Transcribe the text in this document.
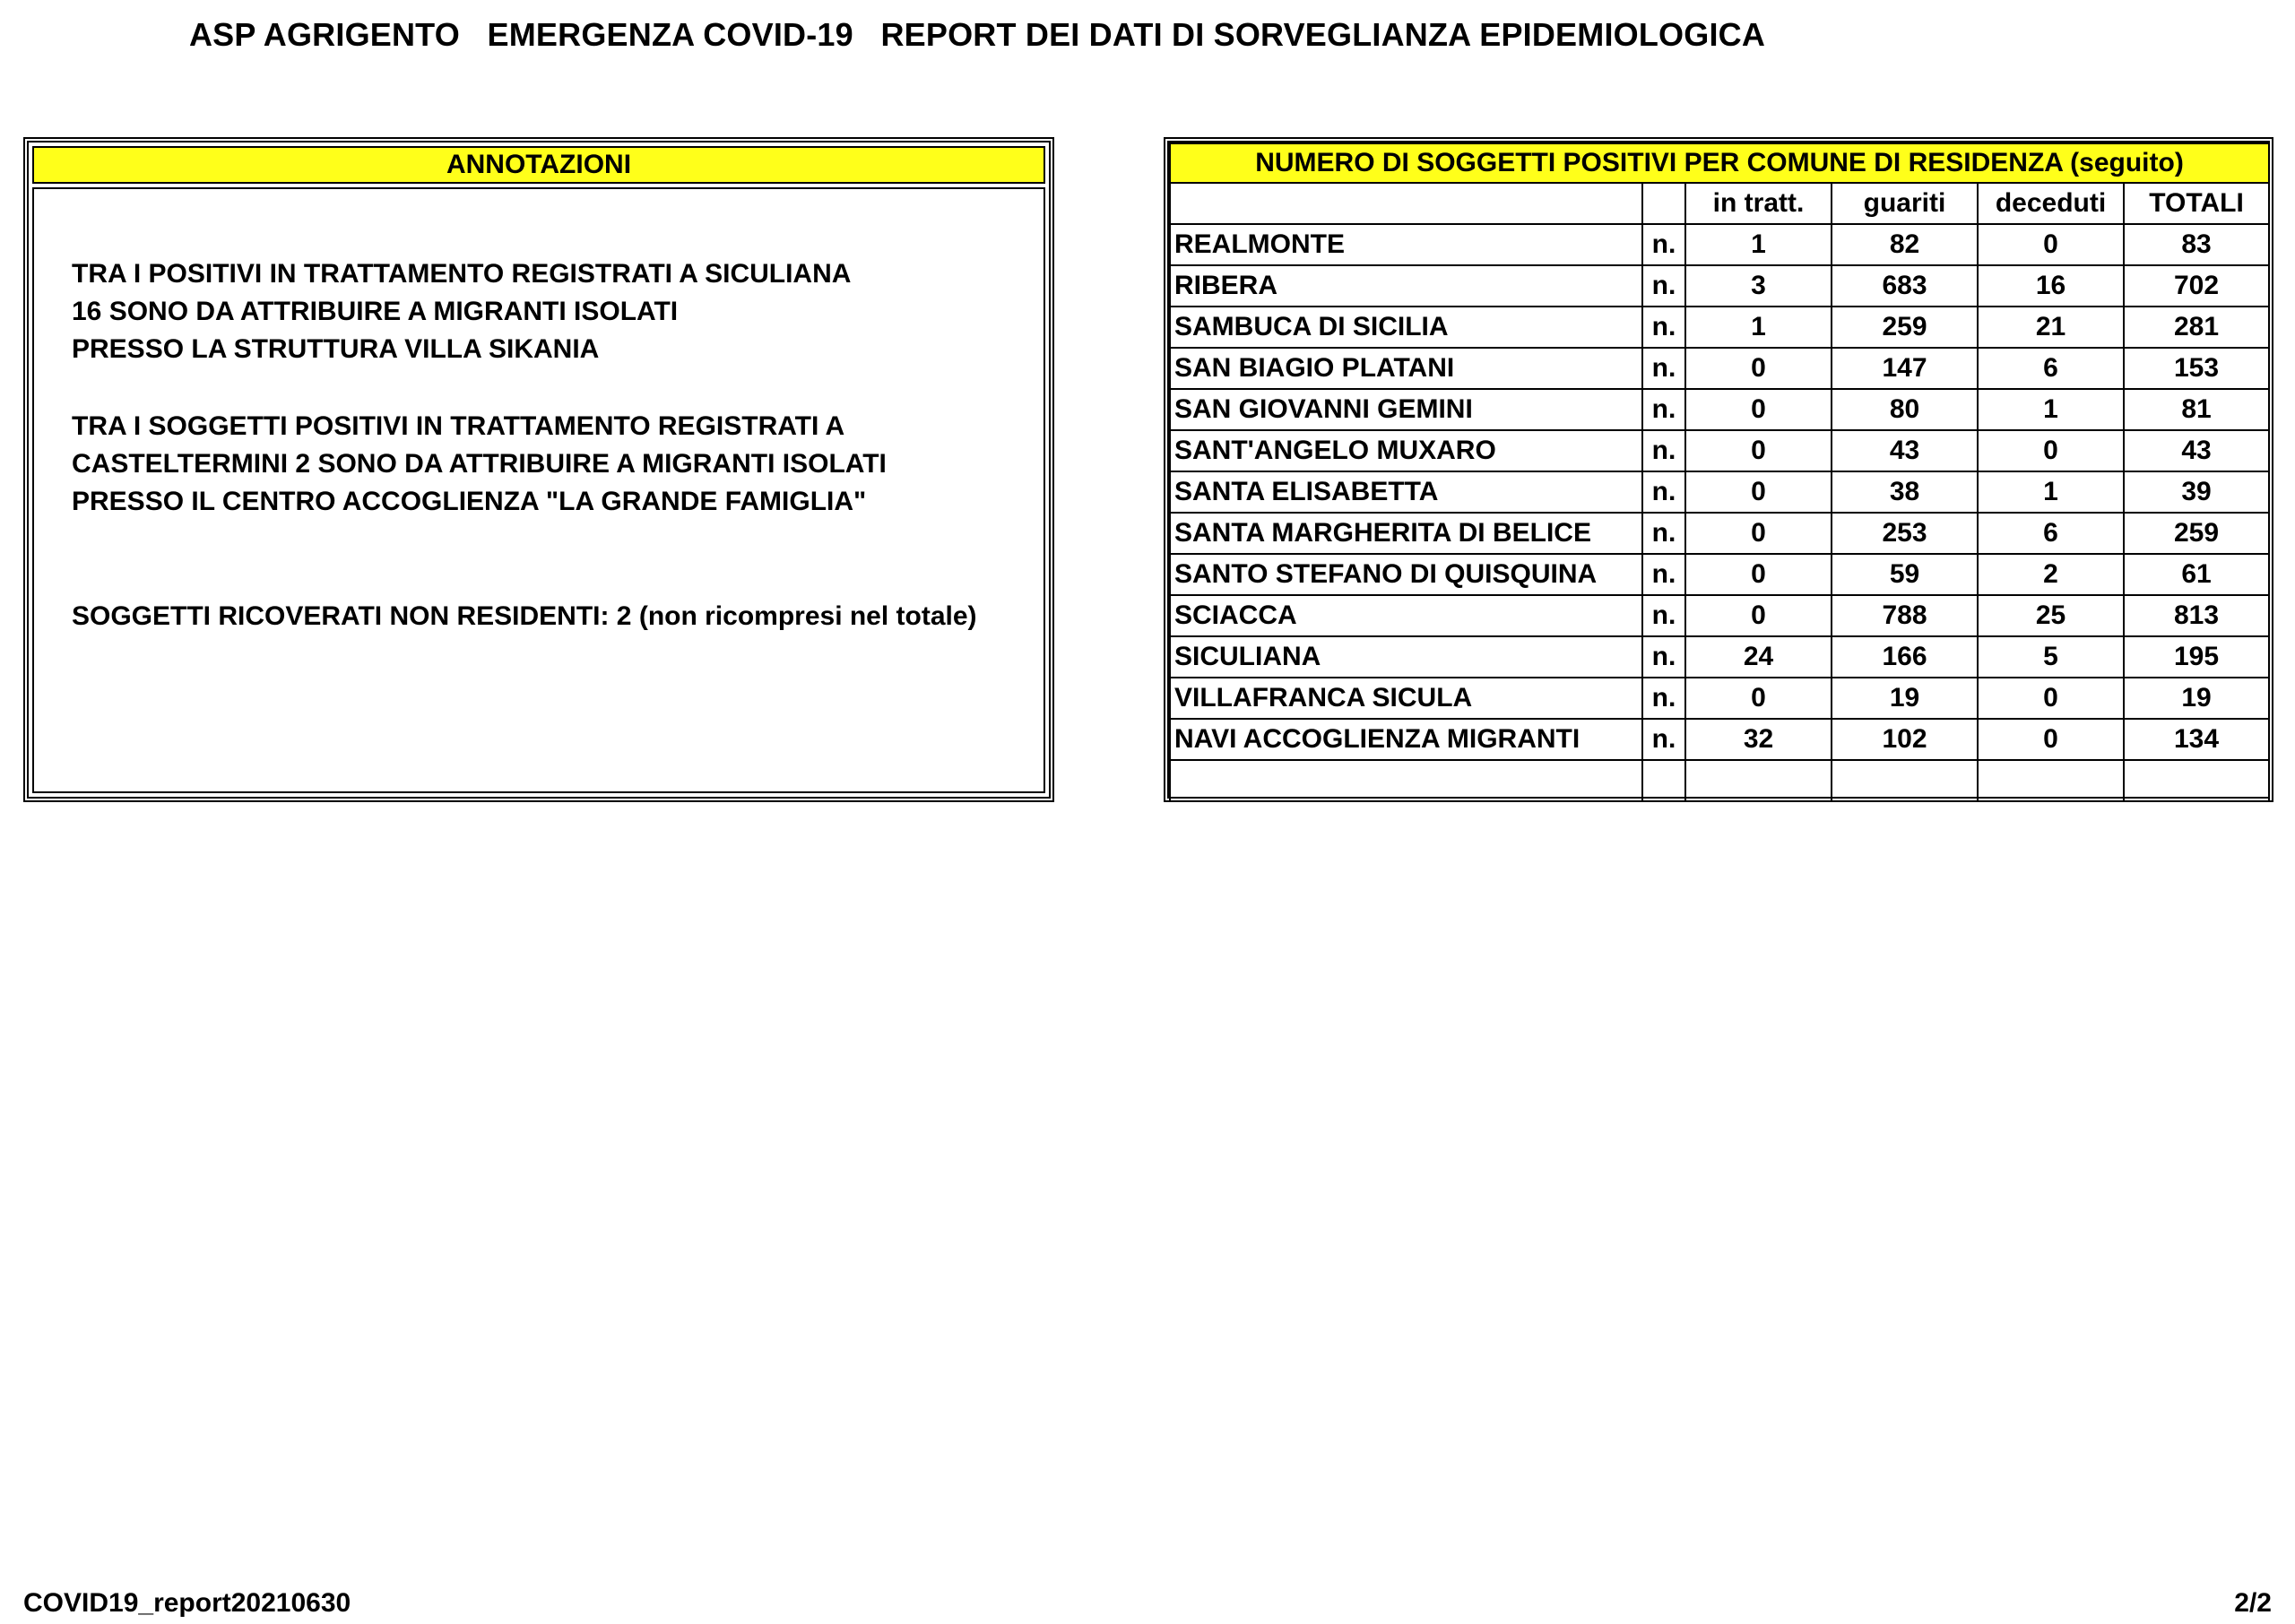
ASP AGRIGENTO   EMERGENZA COVID-19   REPORT DEI DATI DI SORVEGLIANZA EPIDEMIOLOGICA
ANNOTAZIONI
TRA I POSITIVI IN TRATTAMENTO REGISTRATI A SICULIANA
16 SONO DA ATTRIBUIRE A MIGRANTI ISOLATI
PRESSO LA STRUTTURA VILLA SIKANIA
TRA I SOGGETTI POSITIVI IN TRATTAMENTO REGISTRATI A
CASTELTERMINI 2 SONO DA ATTRIBUIRE A MIGRANTI ISOLATI
PRESSO IL CENTRO ACCOGLIENZA "LA GRANDE FAMIGLIA"
SOGGETTI RICOVERATI NON RESIDENTI: 2 (non ricompresi nel totale)
NUMERO DI SOGGETTI POSITIVI PER COMUNE DI RESIDENZA (seguito)					
		in tratt.	guariti	deceduti	TOTALI
REALMONTE	n.	1	82	0	83
RIBERA	n.	3	683	16	702
SAMBUCA DI SICILIA	n.	1	259	21	281
SAN BIAGIO PLATANI	n.	0	147	6	153
SAN GIOVANNI GEMINI	n.	0	80	1	81
SANT'ANGELO MUXARO	n.	0	43	0	43
SANTA ELISABETTA	n.	0	38	1	39
SANTA MARGHERITA DI BELICE	n.	0	253	6	259
SANTO STEFANO DI QUISQUINA	n.	0	59	2	61
SCIACCA	n.	0	788	25	813
SICULIANA	n.	24	166	5	195
VILLAFRANCA SICULA	n.	0	19	0	19
NAVI ACCOGLIENZA MIGRANTI	n.	32	102	0	134

COVID19_report20210630	2/2
